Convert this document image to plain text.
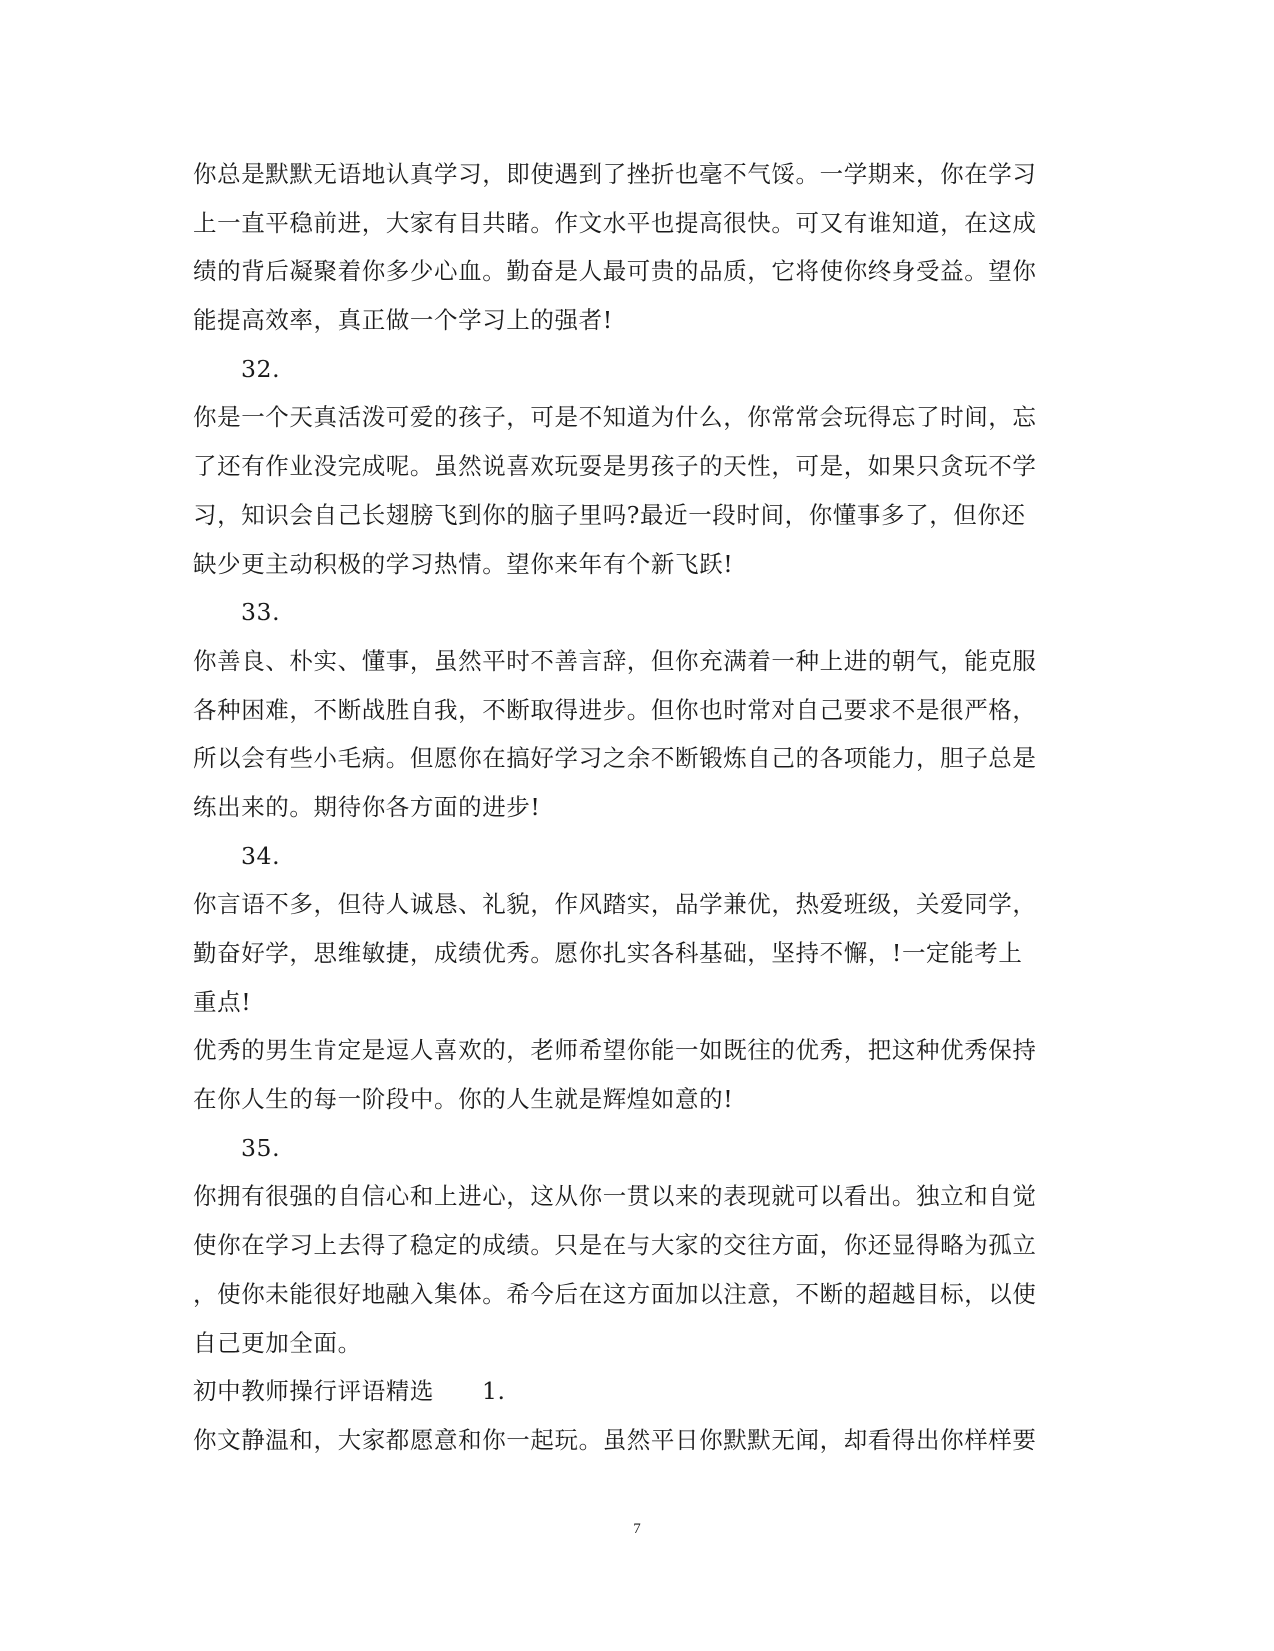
你总是默默无语地认真学习，即使遇到了挫折也毫不气馁。一学期来，你在学习
上一直平稳前进，大家有目共睹。作文水平也提高很快。可又有谁知道，在这成
绩的背后凝聚着你多少心血。勤奋是人最可贵的品质，它将使你终身受益。望你
能提高效率，真正做一个学习上的强者!
32.
你是一个天真活泼可爱的孩子，可是不知道为什么，你常常会玩得忘了时间，忘
了还有作业没完成呢。虽然说喜欢玩耍是男孩子的天性，可是，如果只贪玩不学
习，知识会自己长翅膀飞到你的脑子里吗?最近一段时间，你懂事多了，但你还
缺少更主动积极的学习热情。望你来年有个新飞跃!
33.
你善良、朴实、懂事，虽然平时不善言辞，但你充满着一种上进的朝气，能克服
各种困难，不断战胜自我，不断取得进步。但你也时常对自己要求不是很严格，
所以会有些小毛病。但愿你在搞好学习之余不断锻炼自己的各项能力，胆子总是
练出来的。期待你各方面的进步!
34.
你言语不多，但待人诚恳、礼貌，作风踏实，品学兼优，热爱班级，关爱同学，
勤奋好学，思维敏捷，成绩优秀。愿你扎实各科基础，坚持不懈，!一定能考上
重点!
优秀的男生肯定是逗人喜欢的，老师希望你能一如既往的优秀，把这种优秀保持
在你人生的每一阶段中。你的人生就是辉煌如意的!
35.
你拥有很强的自信心和上进心，这从你一贯以来的表现就可以看出。独立和自觉
使你在学习上去得了稳定的成绩。只是在与大家的交往方面，你还显得略为孤立
，使你未能很好地融入集体。希今后在这方面加以注意，不断的超越目标，以使
自己更加全面。
初中教师操行评语精选 1.
你文静温和，大家都愿意和你一起玩。虽然平日你默默无闻，却看得出你样样要
7
